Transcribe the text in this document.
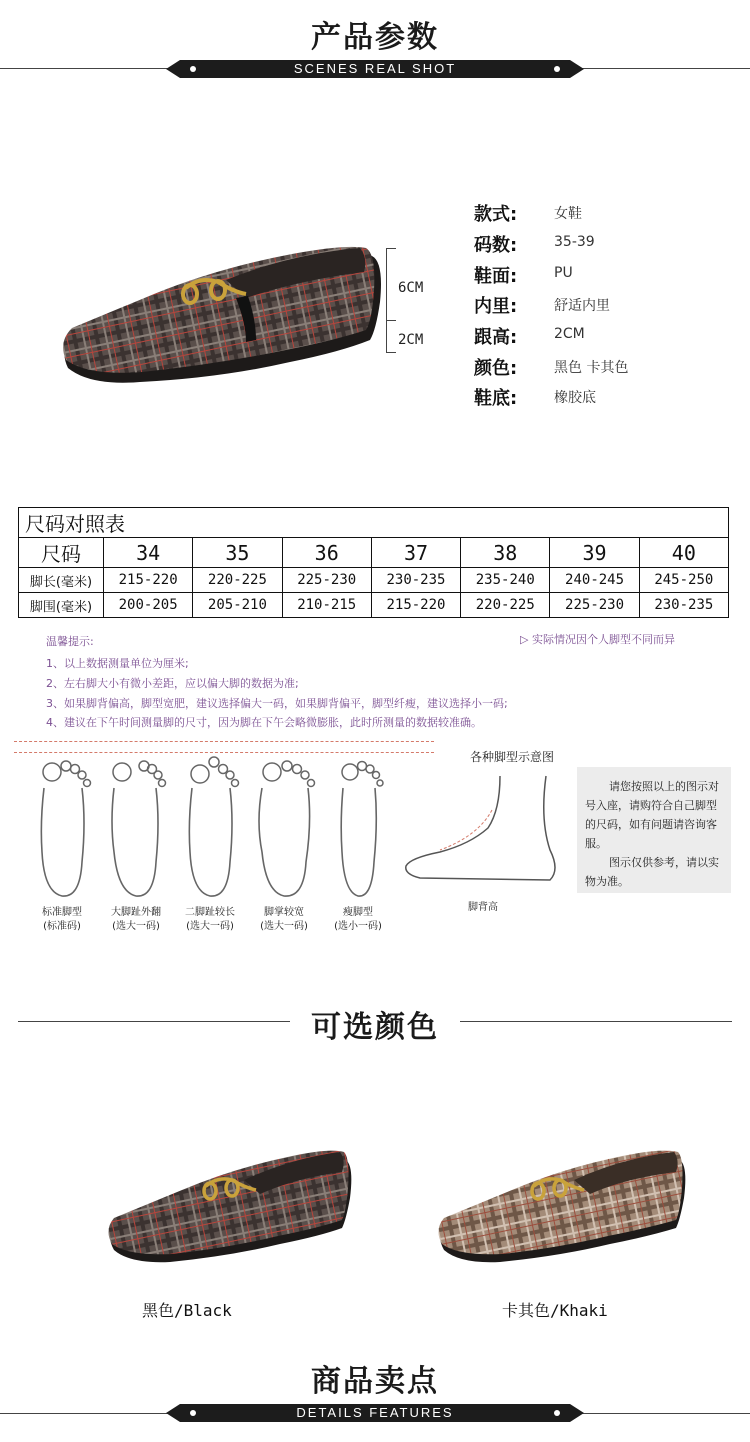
产品参数
SCENES REAL SHOT
6CM
2CM
款式:	女鞋
码数:	35-39
鞋面:	PU
内里:	舒适内里
跟高:	2CM
颜色:	黑色 卡其色
鞋底:	橡胶底
尺码对照表							
尺码	34	35	36	37	38	39	40
脚长(毫米)	215-220	220-225	225-230	230-235	235-240	240-245	245-250
脚围(毫米)	200-205	205-210	210-215	215-220	220-225	225-230	230-235
温馨提示:	▷ 实际情况因个人脚型不同而异
1、以上数据测量单位为厘米;
2、左右脚大小有微小差距，应以偏大脚的数据为准;
3、如果脚背偏高，脚型宽肥，建议选择偏大一码，如果脚背偏平，脚型纤瘦，建议选择小一码;
4、建议在下午时间测量脚的尺寸，因为脚在下午会略微膨胀，此时所测量的数据较准确。
标准脚型
(标准码)
大脚趾外翻
(选大一码)
二脚趾较长
(选大一码)
脚掌较宽
(选大一码)
瘦脚型
(选小一码)
各种脚型示意图
脚背高
请您按照以上的图示对号入座，请购符合自己脚型的尺码，如有问题请咨询客服。
图示仅供参考，请以实物为准。
可选颜色
黑色/Black	卡其色/Khaki
商品卖点
DETAILS FEATURES
